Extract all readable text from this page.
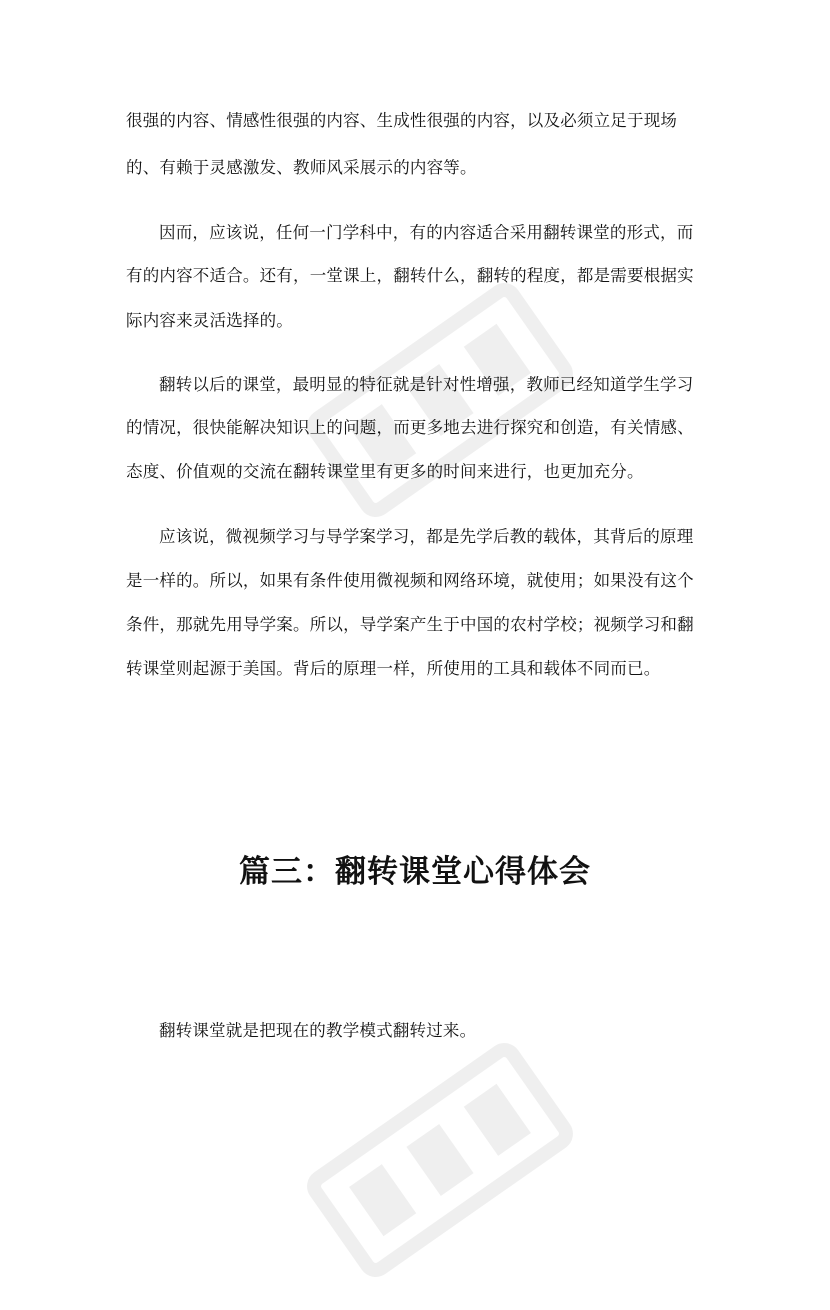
很强的内容、情感性很强的内容、生成性很强的内容，以及必须立足于现场
的、有赖于灵感激发、教师风采展示的内容等。
因而，应该说，任何一门学科中，有的内容适合采用翻转课堂的形式，而
有的内容不适合。还有，一堂课上，翻转什么，翻转的程度，都是需要根据实
际内容来灵活选择的。
翻转以后的课堂，最明显的特征就是针对性增强，教师已经知道学生学习
的情况，很快能解决知识上的问题，而更多地去进行探究和创造，有关情感、
态度、价值观的交流在翻转课堂里有更多的时间来进行，也更加充分。
应该说，微视频学习与导学案学习，都是先学后教的载体，其背后的原理
是一样的。所以，如果有条件使用微视频和网络环境，就使用；如果没有这个
条件，那就先用导学案。所以，导学案产生于中国的农村学校；视频学习和翻
转课堂则起源于美国。背后的原理一样，所使用的工具和载体不同而已。
篇三：翻转课堂心得体会
翻转课堂就是把现在的教学模式翻转过来。
